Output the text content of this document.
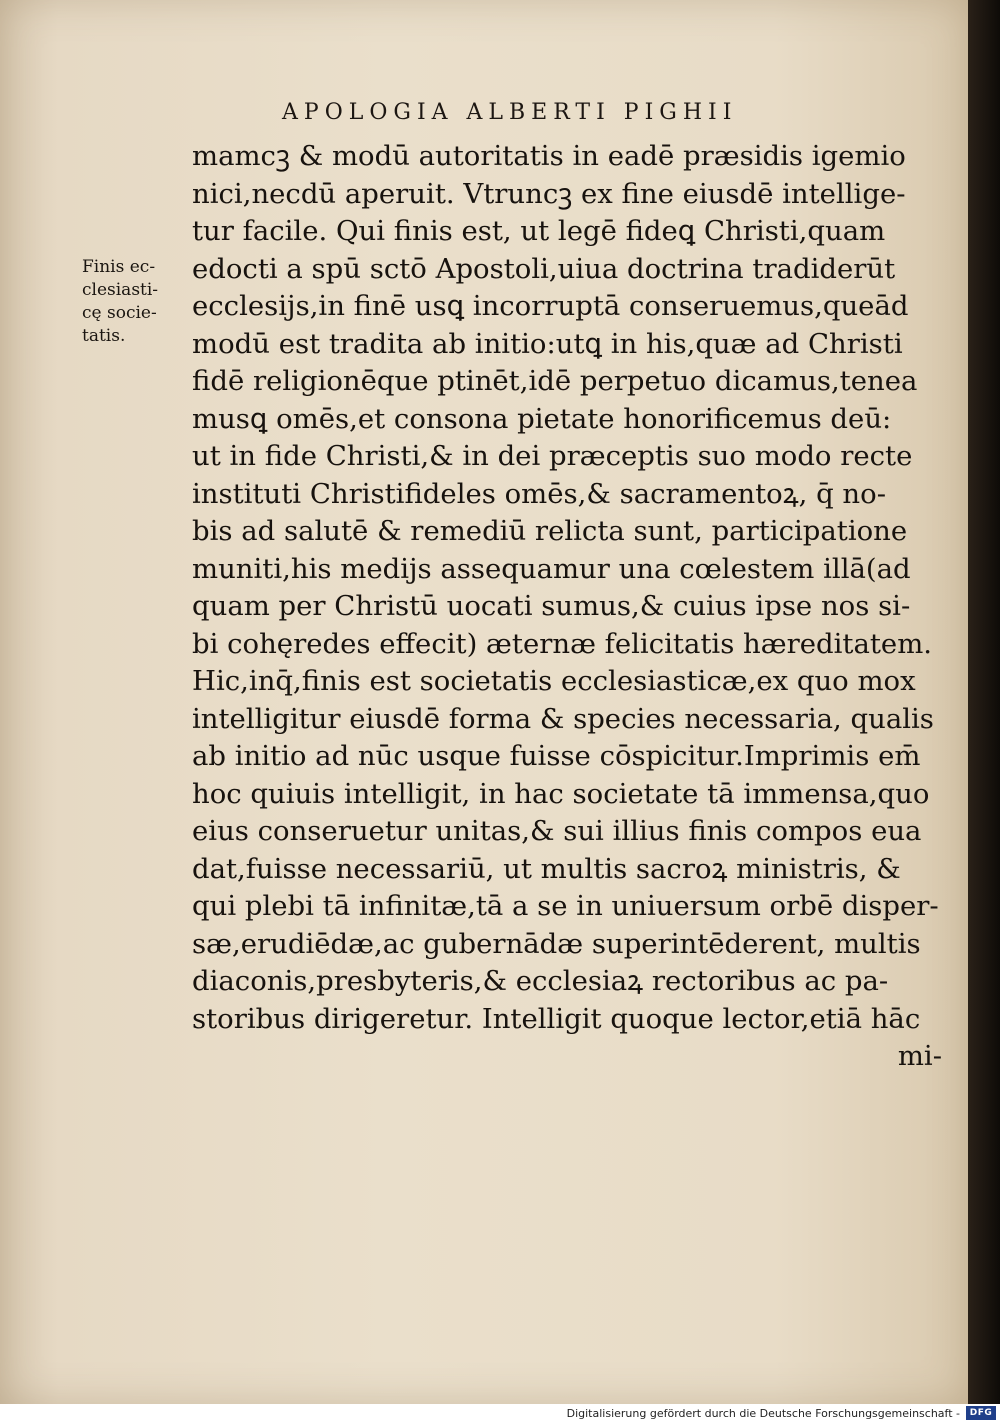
APOLOGIA ALBERTI PIGHII
Finis ec-
clesiasti-
cę socie-
tatis.
mamcꝫ & modū autoritatis in eadē præsidis igemio
nici,necdū aperuit. Vtruncꝫ ex fine eiusdē intellige-
tur facile. Qui finis est, ut legē fideꝗ Christi,quam
edocti a spū sctō Apostoli,uiua doctrina tradiderūt
ecclesijs,in finē usꝗ incorruptā conseruemus,queād
modū est tradita ab initio:utꝗ in his,quæ ad Christi
fidē religionēque ptinēt,idē perpetuo dicamus,tenea
musꝗ omēs,et consona pietate honorificemus deū:
ut in fide Christi,& in dei præceptis suo modo recte
instituti Christifideles omēs,& sacramentoꝝ, q̄ no-
bis ad salutē & remediū relicta sunt, participatione
muniti,his medijs assequamur una cœlestem illā(ad
quam per Christū uocati sumus,& cuius ipse nos si-
bi cohęredes effecit) æternæ felicitatis hæreditatem.
Hic,inq̄,finis est societatis ecclesiasticæ,ex quo mox
intelligitur eiusdē forma & species necessaria, qualis
ab initio ad nūc usque fuisse cōspicitur.Imprimis em̄
hoc quiuis intelligit, in hac societate tā immensa,quo
eius conseruetur unitas,& sui illius finis compos eua
dat,fuisse necessariū, ut multis sacroꝝ ministris, &
qui plebi tā infinitæ,tā a se in uniuersum orbē disper-
sæ,erudiēdæ,ac gubernādæ superintēderent, multis
diaconis,presbyteris,& ecclesiaꝝ rectoribus ac pa-
storibus dirigeretur. Intelligit quoque lector,etiā hāc
mi-
Digitalisierung gefördert durch die Deutsche Forschungsgemeinschaft -	DFG
